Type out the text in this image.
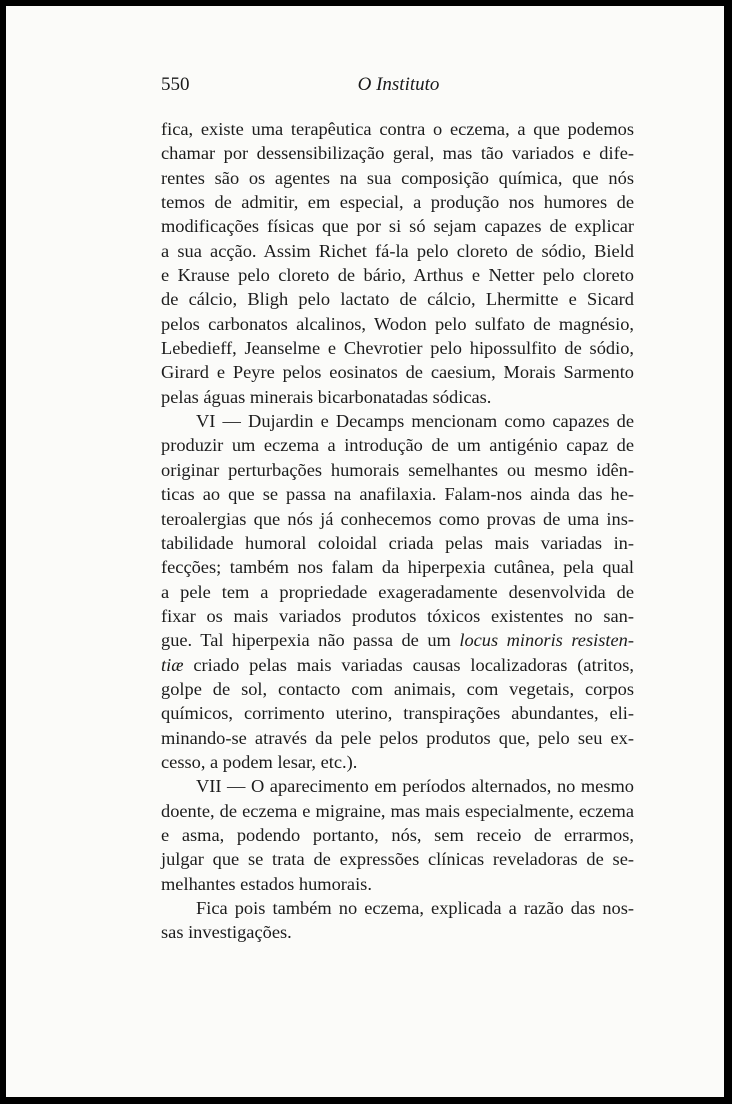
550	O Instituto
fica, existe uma terapêutica contra o eczema, a que podemos
chamar por dessensibilização geral, mas tão variados e dife-
rentes são os agentes na sua composição química, que nós
temos de admitir, em especial, a produção nos humores de
modificações físicas que por si só sejam capazes de explicar
a sua acção. Assim Richet fá-la pelo cloreto de sódio, Bield
e Krause pelo cloreto de bário, Arthus e Netter pelo cloreto
de cálcio, Bligh pelo lactato de cálcio, Lhermitte e Sicard
pelos carbonatos alcalinos, Wodon pelo sulfato de magnésio,
Lebedieff, Jeanselme e Chevrotier pelo hipossulfito de sódio,
Girard e Peyre pelos eosinatos de caesium, Morais Sarmento
pelas águas minerais bicarbonatadas sódicas.
VI — Dujardin e Decamps mencionam como capazes de
produzir um eczema a introdução de um antigénio capaz de
originar perturbações humorais semelhantes ou mesmo idên-
ticas ao que se passa na anafilaxia. Falam-nos ainda das he-
teroalergias que nós já conhecemos como provas de uma ins-
tabilidade humoral coloidal criada pelas mais variadas in-
fecções; também nos falam da hiperpexia cutânea, pela qual
a pele tem a propriedade exageradamente desenvolvida de
fixar os mais variados produtos tóxicos existentes no san-
gue. Tal hiperpexia não passa de um locus minoris resisten-
tiæ criado pelas mais variadas causas localizadoras (atritos,
golpe de sol, contacto com animais, com vegetais, corpos
químicos, corrimento uterino, transpirações abundantes, eli-
minando-se através da pele pelos produtos que, pelo seu ex-
cesso, a podem lesar, etc.).
VII — O aparecimento em períodos alternados, no mesmo
doente, de eczema e migraine, mas mais especialmente, eczema
e asma, podendo portanto, nós, sem receio de errarmos,
julgar que se trata de expressões clínicas reveladoras de se-
melhantes estados humorais.
Fica pois também no eczema, explicada a razão das nos-
sas investigações.
